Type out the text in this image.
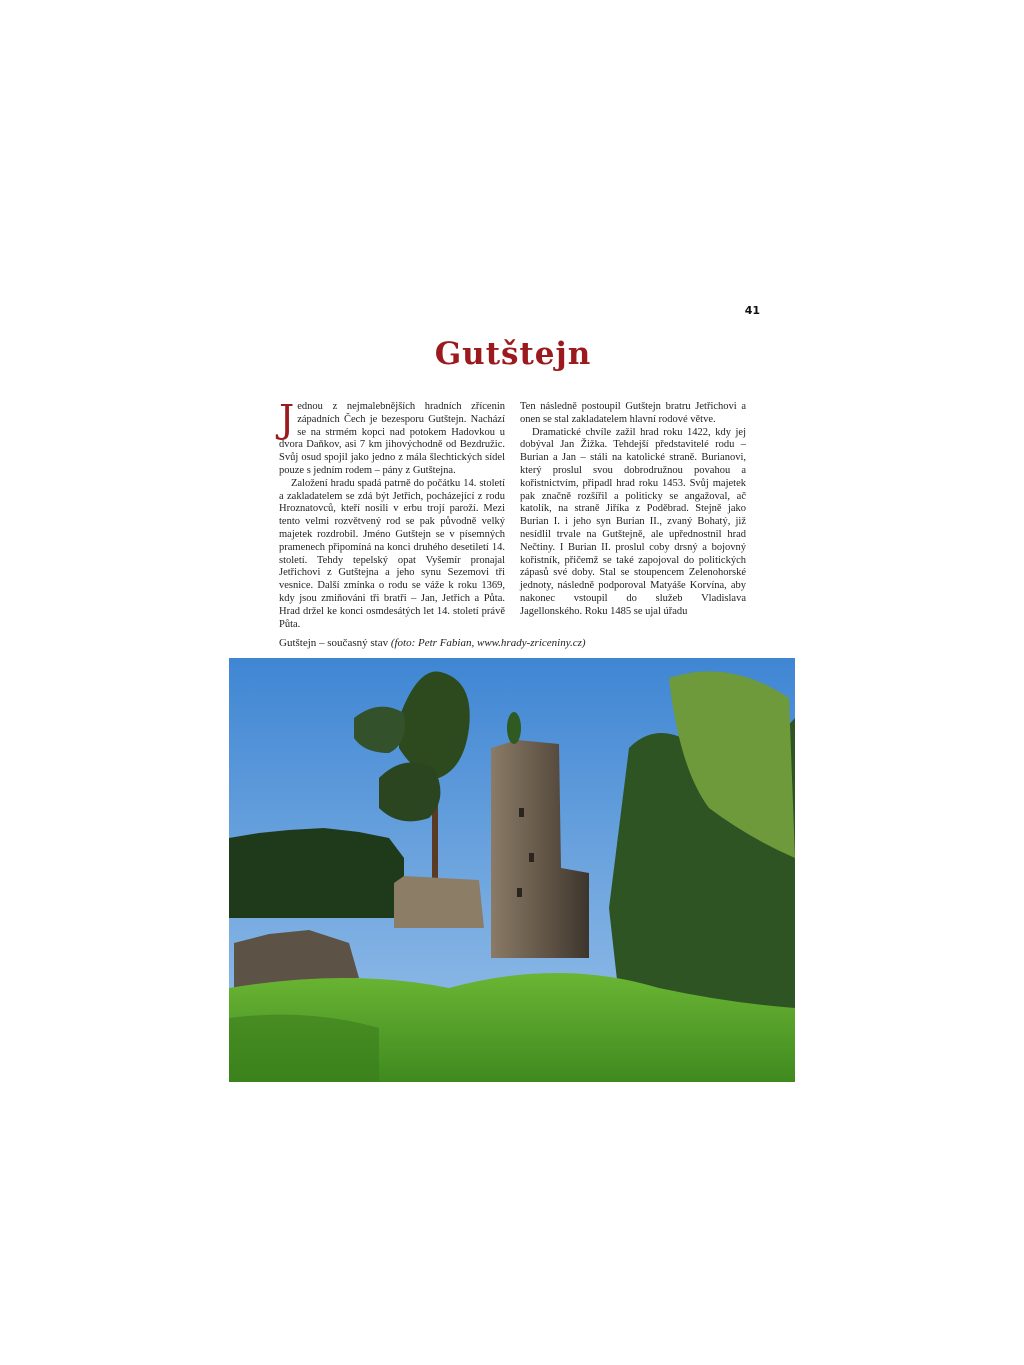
41
Gutštejn

Jednou z nejmalebnějších hradních zřícenin západních Čech je bezesporu Gutštejn. Nachází se na strmém kopci nad potokem Hadovkou u dvora Daňkov, asi 7 km jihovýchodně od Bezdružic. Svůj osud spojil jako jedno z mála šlechtických sídel pouze s jedním rodem – pány z Gutštejna.

Založení hradu spadá patrně do počátku 14. století a zakladatelem se zdá být Jetřich, pocházející z rodu Hroznatovců, kteří nosili v erbu trojí paroží. Mezi tento velmi rozvětvený rod se pak původně velký majetek rozdrobil. Jméno Gutštejn se v písemných pramenech připomíná na konci druhého desetiletí 14. století. Tehdy tepelský opat Vyšemír pronajal Jetřichovi z Gutštejna a jeho synu Sezemovi tři vesnice. Další zmínka o rodu se váže k roku 1369, kdy jsou zmiňováni tři bratři – Jan, Jetřich a Půta. Hrad držel ke konci osmdesátých let 14. století právě Půta.

Ten následně postoupil Gutštejn bratru Jetřichovi a onen se stal zakladatelem hlavní rodové větve.

Dramatické chvíle zažil hrad roku 1422, kdy jej dobýval Jan Žižka. Tehdejší představitelé rodu – Burian a Jan – stáli na katolické straně. Burianovi, který proslul svou dobrodružnou povahou a kořistnictvím, připadl hrad roku 1453. Svůj majetek pak značně rozšířil a politicky se angažoval, ač katolík, na straně Jiříka z Poděbrad. Stejně jako Burian I. i jeho syn Burian II., zvaný Bohatý, již nesídlil trvale na Gutštejně, ale upřednostnil hrad Nečtiny. I Burian II. proslul coby drsný a bojovný kořistník, přičemž se také zapojoval do politických zápasů své doby. Stal se stoupencem Zelenohorské jednoty, následně podporoval Matyáše Korvína, aby nakonec vstoupil do služeb Vladislava Jagellonského. Roku 1485 se ujal úřadu

Gutštejn – současný stav (foto: Petr Fabian, www.hrady-zriceniny.cz)
